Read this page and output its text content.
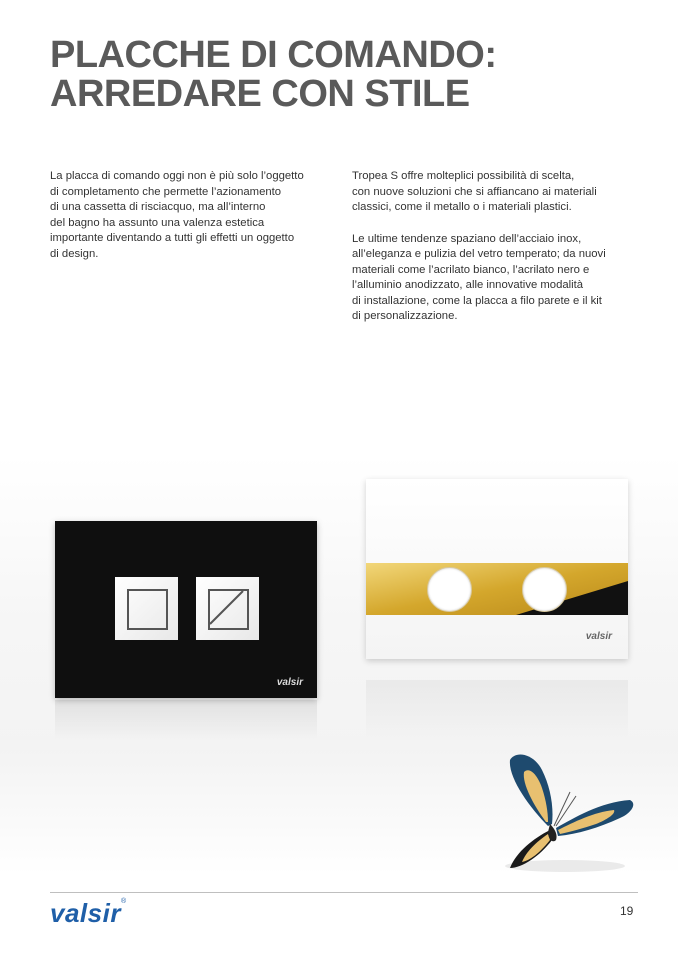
PLACCHE DI COMANDO:
ARREDARE CON STILE

La placca di comando oggi non è più solo l’oggetto
di completamento che permette l’azionamento
di una cassetta di risciacquo, ma all’interno
del bagno ha assunto una valenza estetica
importante diventando a tutti gli effetti un oggetto
di design.

Tropea S offre molteplici possibilità di scelta,
con nuove soluzioni che si affiancano ai materiali
classici, come il metallo o i materiali plastici.

Le ultime tendenze spaziano dell’acciaio inox,
all’eleganza e pulizia del vetro temperato; da nuovi
materiali come l’acrilato bianco, l’acrilato nero e
l’alluminio anodizzato, alle innovative modalità
di installazione, come la placca a filo parete e il kit
di personalizzazione.

valsir
valsir
valsir®
19
